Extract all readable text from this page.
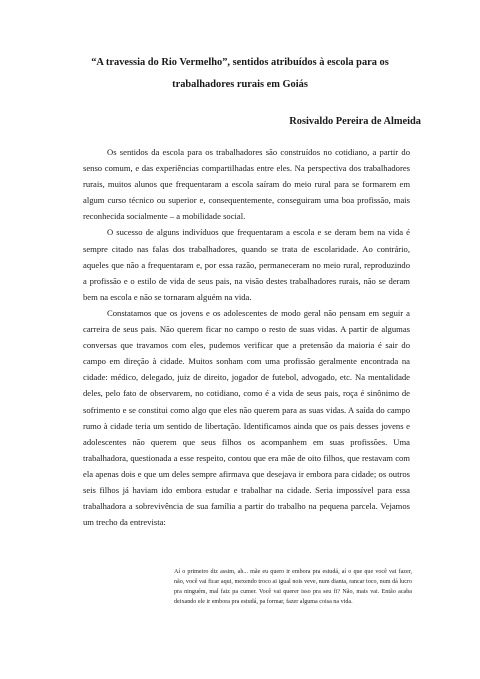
“A travessia do Rio Vermelho”, sentidos atribuídos à escola para os trabalhadores rurais em Goiás
Rosivaldo Pereira de Almeida

Os sentidos da escola para os trabalhadores são construídos no cotidiano, a partir do senso comum, e das experiências compartilhadas entre eles. Na perspectiva dos trabalhadores rurais, muitos alunos que frequentaram a escola saíram do meio rural para se formarem em algum curso técnico ou superior e, consequentemente, conseguiram uma boa profissão, mais reconhecida socialmente – a mobilidade social.

O sucesso de alguns indivíduos que frequentaram a escola e se deram bem na vida é sempre citado nas falas dos trabalhadores, quando se trata de escolaridade. Ao contrário, aqueles que não a frequentaram e, por essa razão, permaneceram no meio rural, reproduzindo a profissão e o estilo de vida de seus pais, na visão destes trabalhadores rurais, não se deram bem na escola e não se tornaram alguém na vida.

Constatamos que os jovens e os adolescentes de modo geral não pensam em seguir a carreira de seus pais. Não querem ficar no campo o resto de suas vidas. A partir de algumas conversas que travamos com eles, pudemos verificar que a pretensão da maioria é sair do campo em direção à cidade. Muitos sonham com uma profissão geralmente encontrada na cidade: médico, delegado, juiz de direito, jogador de futebol, advogado, etc. Na mentalidade deles, pelo fato de observarem, no cotidiano, como é a vida de seus pais, roça é sinônimo de sofrimento e se constitui como algo que eles não querem para as suas vidas. A saída do campo rumo à cidade teria um sentido de libertação. Identificamos ainda que os pais desses jovens e adolescentes não querem que seus filhos os acompanhem em suas profissões. Uma trabalhadora, questionada a esse respeito, contou que era mãe de oito filhos, que restavam com ela apenas dois e que um deles sempre afirmava que desejava ir embora para cidade; os outros seis filhos já haviam ido embora estudar e trabalhar na cidade. Seria impossível para essa trabalhadora a sobrevivência de sua família a partir do trabalho na pequena parcela. Vejamos um trecho da entrevista:

Aí o primeiro diz assim, ah... mãe eu quero ir embora pra estudá, aí o que que você vai fazer, não, você vai ficar aqui, mexendo troco ai igual nois veve, num dianta, rancar toco, num dá lucro pra ninguém, mal faiz pa cumer. Você vai querer isso pra seu fi? Não, mais vai. Então acaba deixando ele ir embora pra estudá, pa formar, fazer alguma coisa na vida.
